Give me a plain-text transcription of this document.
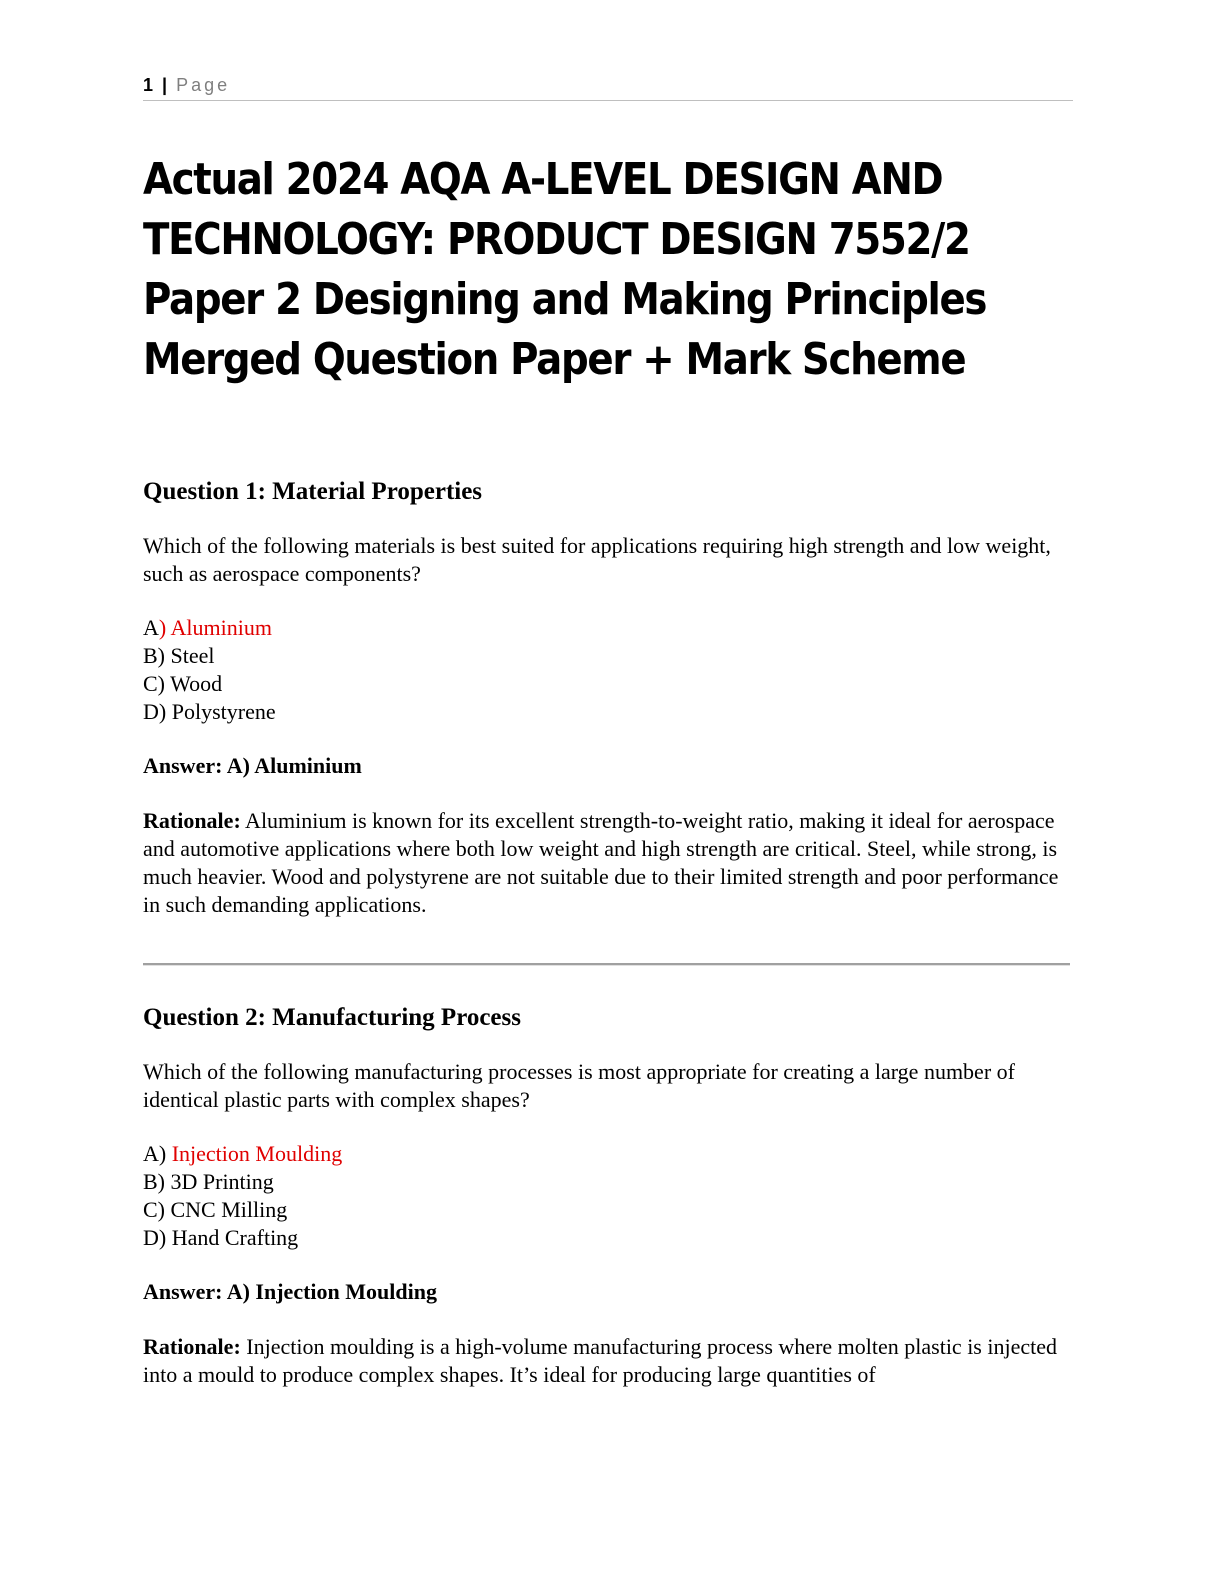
1 | Page
Actual 2024 AQA A-LEVEL DESIGN AND TECHNOLOGY: PRODUCT DESIGN 7552/2 Paper 2 Designing and Making Principles Merged Question Paper + Mark Scheme
Question 1: Material Properties
Which of the following materials is best suited for applications requiring high strength and low weight, such as aerospace components?
A) Aluminium
B) Steel
C) Wood
D) Polystyrene
Answer: A) Aluminium
Rationale: Aluminium is known for its excellent strength-to-weight ratio, making it ideal for aerospace and automotive applications where both low weight and high strength are critical. Steel, while strong, is much heavier. Wood and polystyrene are not suitable due to their limited strength and poor performance in such demanding applications.
Question 2: Manufacturing Process
Which of the following manufacturing processes is most appropriate for creating a large number of identical plastic parts with complex shapes?
A) Injection Moulding
B) 3D Printing
C) CNC Milling
D) Hand Crafting
Answer: A) Injection Moulding
Rationale: Injection moulding is a high-volume manufacturing process where molten plastic is injected into a mould to produce complex shapes. It’s ideal for producing large quantities of
